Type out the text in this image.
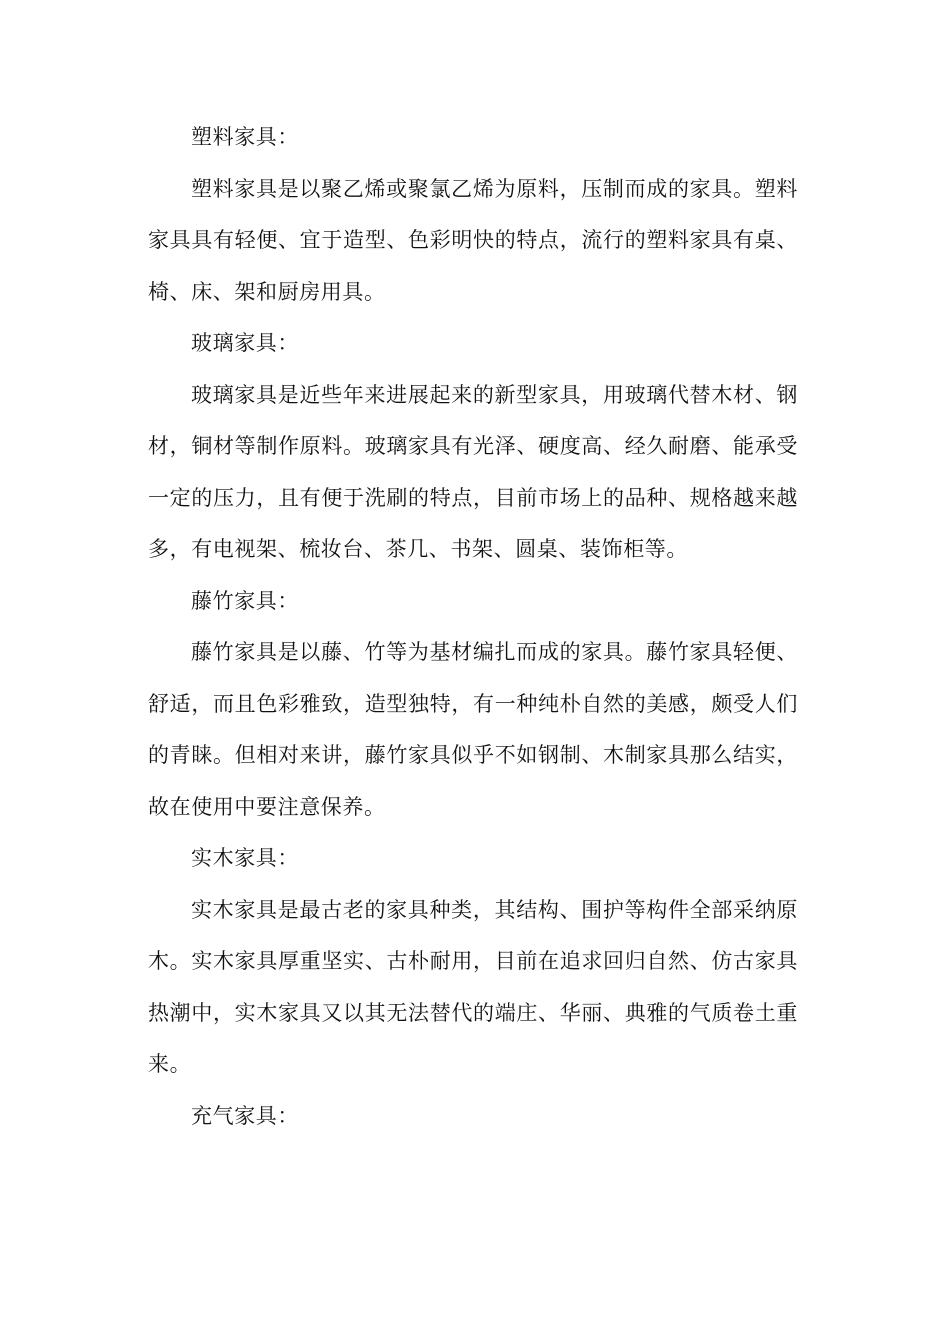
塑料家具：

塑料家具是以聚乙烯或聚氯乙烯为原料，压制而成的家具。塑料家具具有轻便、宜于造型、色彩明快的特点，流行的塑料家具有桌、椅、床、架和厨房用具。

玻璃家具：

玻璃家具是近些年来进展起来的新型家具，用玻璃代替木材、钢材，铜材等制作原料。玻璃家具有光泽、硬度高、经久耐磨、能承受一定的压力，且有便于洗刷的特点，目前市场上的品种、规格越来越多，有电视架、梳妆台、茶几、书架、圆桌、装饰柜等。

藤竹家具：

藤竹家具是以藤、竹等为基材编扎而成的家具。藤竹家具轻便、舒适，而且色彩雅致，造型独特，有一种纯朴自然的美感，颇受人们的青睐。但相对来讲，藤竹家具似乎不如钢制、木制家具那么结实，故在使用中要注意保养。

实木家具：

实木家具是最古老的家具种类，其结构、围护等构件全部采纳原木。实木家具厚重坚实、古朴耐用，目前在追求回归自然、仿古家具热潮中，实木家具又以其无法替代的端庄、华丽、典雅的气质卷土重来。

充气家具：
